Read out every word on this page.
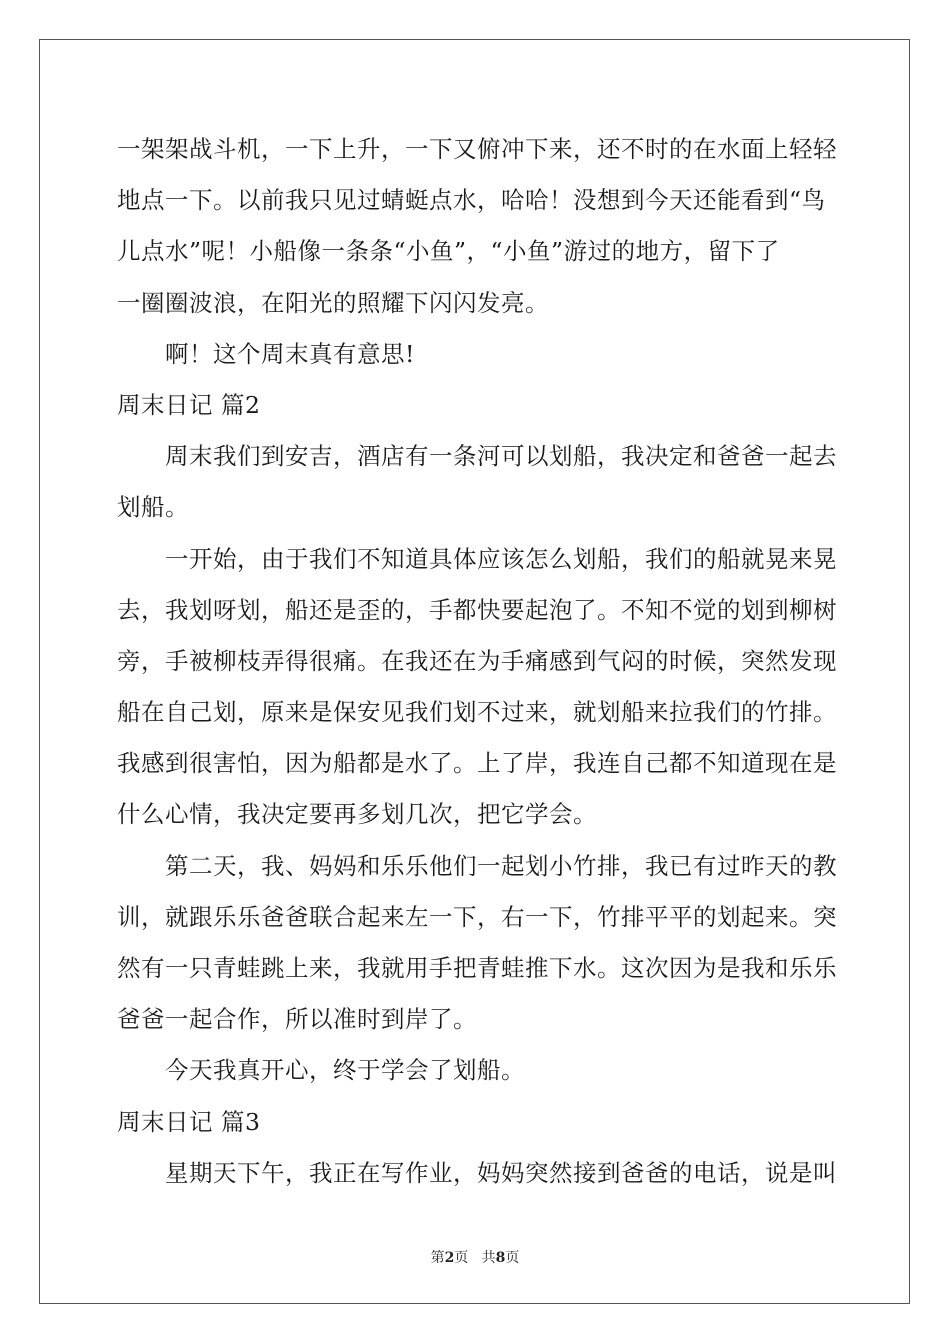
一架架战斗机，一下上升，一下又俯冲下来，还不时的在水面上轻轻
地点一下。以前我只见过蜻蜓点水，哈哈！没想到今天还能看到“鸟
儿点水”呢！小船像一条条“小鱼”，“小鱼”游过的地方，留下了
一圈圈波浪，在阳光的照耀下闪闪发亮。
啊！这个周末真有意思!
周末日记 篇2
周末我们到安吉，酒店有一条河可以划船，我决定和爸爸一起去
划船。
一开始，由于我们不知道具体应该怎么划船，我们的船就晃来晃
去，我划呀划，船还是歪的，手都快要起泡了。不知不觉的划到柳树
旁，手被柳枝弄得很痛。在我还在为手痛感到气闷的时候，突然发现
船在自己划，原来是保安见我们划不过来，就划船来拉我们的竹排。
我感到很害怕，因为船都是水了。上了岸，我连自己都不知道现在是
什么心情，我决定要再多划几次，把它学会。
第二天，我、妈妈和乐乐他们一起划小竹排，我已有过昨天的教
训，就跟乐乐爸爸联合起来左一下，右一下，竹排平平的划起来。突
然有一只青蛙跳上来，我就用手把青蛙推下水。这次因为是我和乐乐
爸爸一起合作，所以准时到岸了。
今天我真开心，终于学会了划船。
周末日记 篇3
星期天下午，我正在写作业，妈妈突然接到爸爸的电话，说是叫
第2页 共8页
